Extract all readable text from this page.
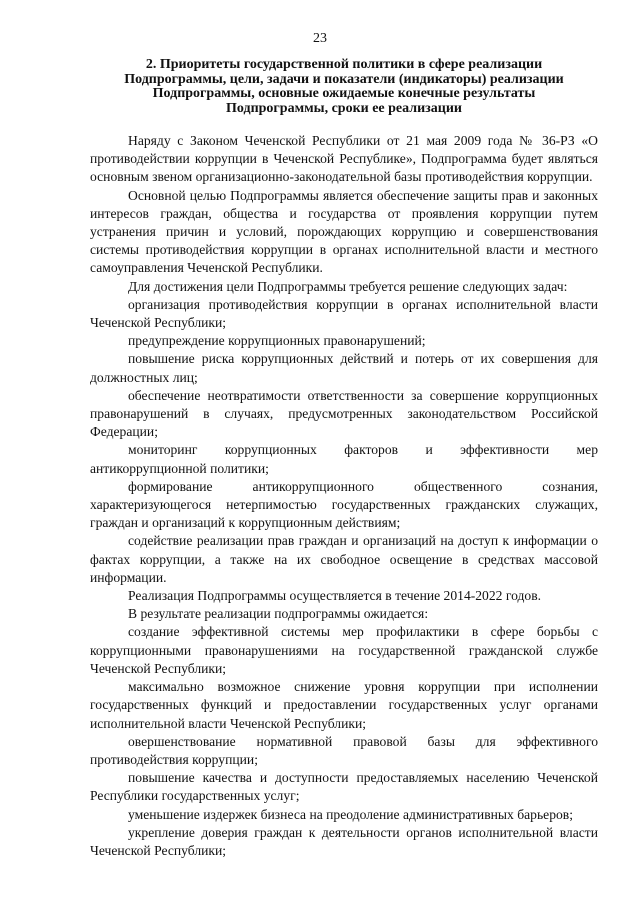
23
2. Приоритеты государственной политики в сфере реализации
Подпрограммы, цели, задачи и показатели (индикаторы) реализации
Подпрограммы, основные ожидаемые конечные результаты
Подпрограммы, сроки ее реализации

Наряду с Законом Чеченской Республики от 21 мая 2009 года № 36-РЗ «О противодействии коррупции в Чеченской Республике», Подпрограмма будет являться основным звеном организационно-законодательной базы противодействия коррупции.

Основной целью Подпрограммы является обеспечение защиты прав и законных интересов граждан, общества и государства от проявления коррупции путем устранения причин и условий, порождающих коррупцию и совершенствования системы противодействия коррупции в органах исполнительной власти и местного самоуправления Чеченской Республики.

Для достижения цели Подпрограммы требуется решение следующих задач:

организация противодействия коррупции в органах исполнительной власти Чеченской Республики;

предупреждение коррупционных правонарушений;

повышение риска коррупционных действий и потерь от их совершения для должностных лиц;

обеспечение неотвратимости ответственности за совершение коррупционных правонарушений в случаях, предусмотренных законодательством Российской Федерации;

мониторинг коррупционных факторов и эффективности мер антикоррупционной политики;

формирование антикоррупционного общественного сознания, характеризующегося нетерпимостью государственных гражданских служащих, граждан и организаций к коррупционным действиям;

содействие реализации прав граждан и организаций на доступ к информации о фактах коррупции, а также на их свободное освещение в средствах массовой информации.

Реализация Подпрограммы осуществляется в течение 2014-2022 годов.

В результате реализации подпрограммы ожидается:

создание эффективной системы мер профилактики в сфере борьбы с коррупционными правонарушениями на государственной гражданской службе Чеченской Республики;

максимально возможное снижение уровня коррупции при исполнении государственных функций и предоставлении государственных услуг органами исполнительной власти Чеченской Республики;

овершенствование нормативной правовой базы для эффективного противодействия коррупции;

повышение качества и доступности предоставляемых населению Чеченской Республики государственных услуг;

уменьшение издержек бизнеса на преодоление административных барьеров;

укрепление доверия граждан к деятельности органов исполнительной власти Чеченской Республики;
